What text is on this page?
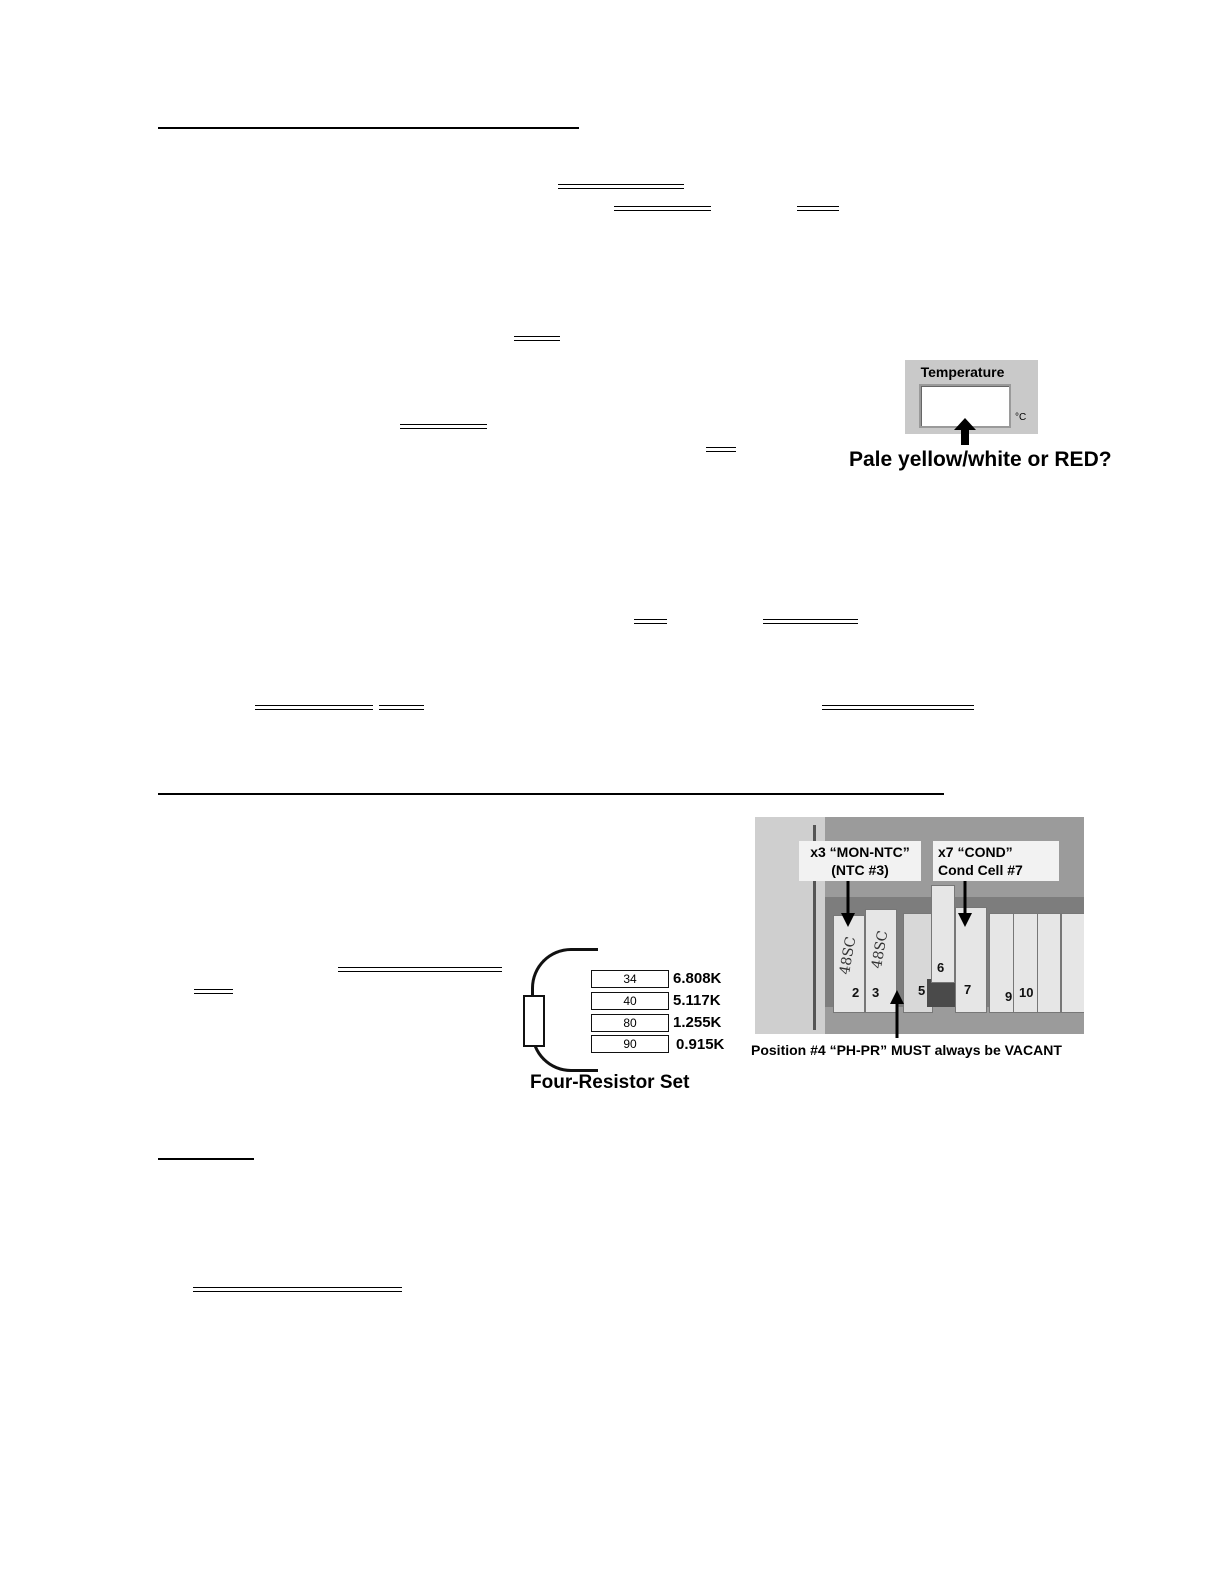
Temperature
°C
Pale yellow/white or RED?
34	6.808K
40	5.117K
80	1.255K
90	0.915K
Four-Resistor Set
48SC 48SC
2 3	5
6
7	9 10
x3 “MON-NTC”
(NTC #3)
x7 “COND”
Cond Cell #7
Position #4 “PH-PR” MUST always be VACANT
